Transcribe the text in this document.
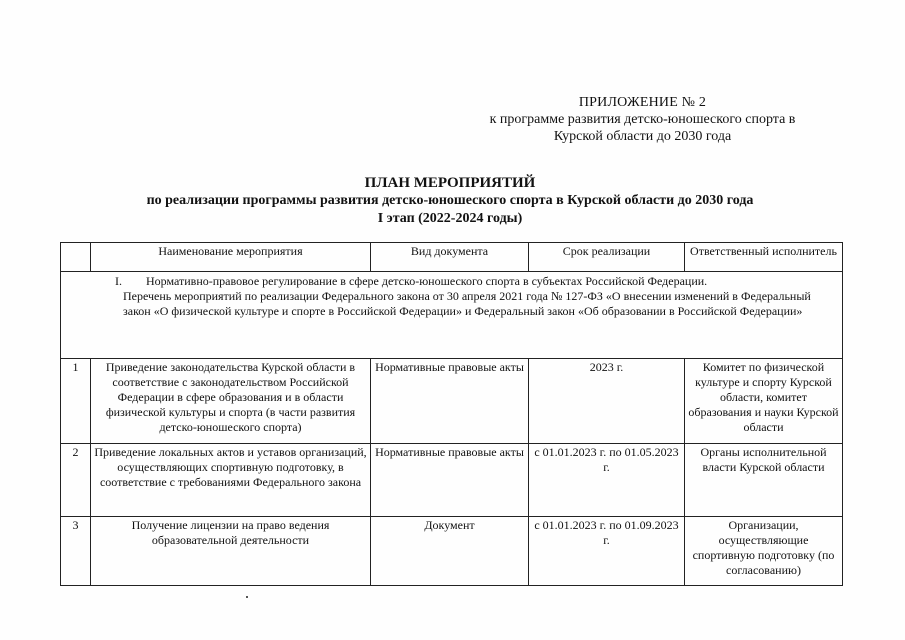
ПРИЛОЖЕНИЕ № 2
к программе развития детско-юношеского спорта в
Курской области до 2030 года
ПЛАН МЕРОПРИЯТИЙ
по реализации программы развития детско-юношеского спорта в Курской области до 2030 года
I этап (2022-2024 годы)
	Наименование мероприятия	Вид документа	Срок реализации	Ответственный исполнитель

I. Нормативно-правовое регулирование в сфере детско-юношеского спорта в субъектах Российской Федерации.
Перечень мероприятий по реализации Федерального закона от 30 апреля 2021 года № 127-ФЗ «О внесении изменений в Федеральный закон «О физической культуре и спорте в Российской Федерации» и Федеральный закон «Об образовании в Российской Федерации»				

1	Приведение законодательства Курской области в соответствие с законодательством Российской Федерации в сфере образования и в области физической культуры и спорта (в части развития детско-юношеского спорта)	Нормативные правовые акты	2023 г.	Комитет по физической культуре и спорту Курской области, комитет образования и науки Курской области
2	Приведение локальных актов и уставов организаций, осуществляющих спортивную подготовку, в соответствие с требованиями Федерального закона	Нормативные правовые акты	с 01.01.2023 г. по 01.05.2023 г.	Органы исполнительной власти Курской области
3	Получение лицензии на право ведения образовательной деятельности	Документ	с 01.01.2023 г. по 01.09.2023 г.	Организации, осуществляющие спортивную подготовку (по согласованию)
